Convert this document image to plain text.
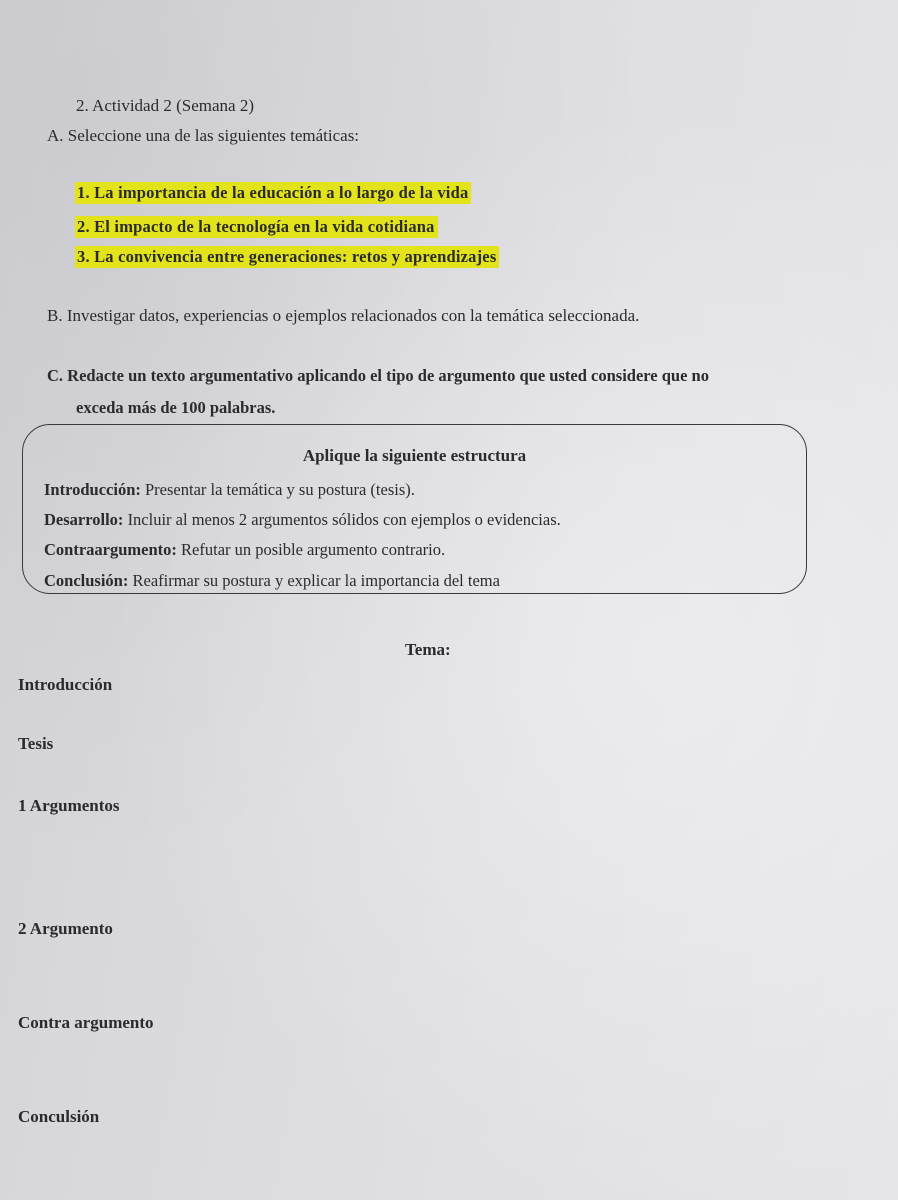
2. Actividad 2 (Semana 2)
A. Seleccione una de las siguientes temáticas:
1. La importancia de la educación a lo largo de la vida
2. El impacto de la tecnología en la vida cotidiana
3. La convivencia entre generaciones: retos y aprendizajes
B. Investigar datos, experiencias o ejemplos relacionados con la temática seleccionada.
C. Redacte un texto argumentativo aplicando el tipo de argumento que usted considere que no
exceda más de 100 palabras.
Aplique la siguiente estructura
Introducción: Presentar la temática y su postura (tesis).
Desarrollo: Incluir al menos 2 argumentos sólidos con ejemplos o evidencias.
Contraargumento: Refutar un posible argumento contrario.
Conclusión: Reafirmar su postura y explicar la importancia del tema
Tema:
Introducción
Tesis
1 Argumentos
2 Argumento
Contra argumento
Conculsión
